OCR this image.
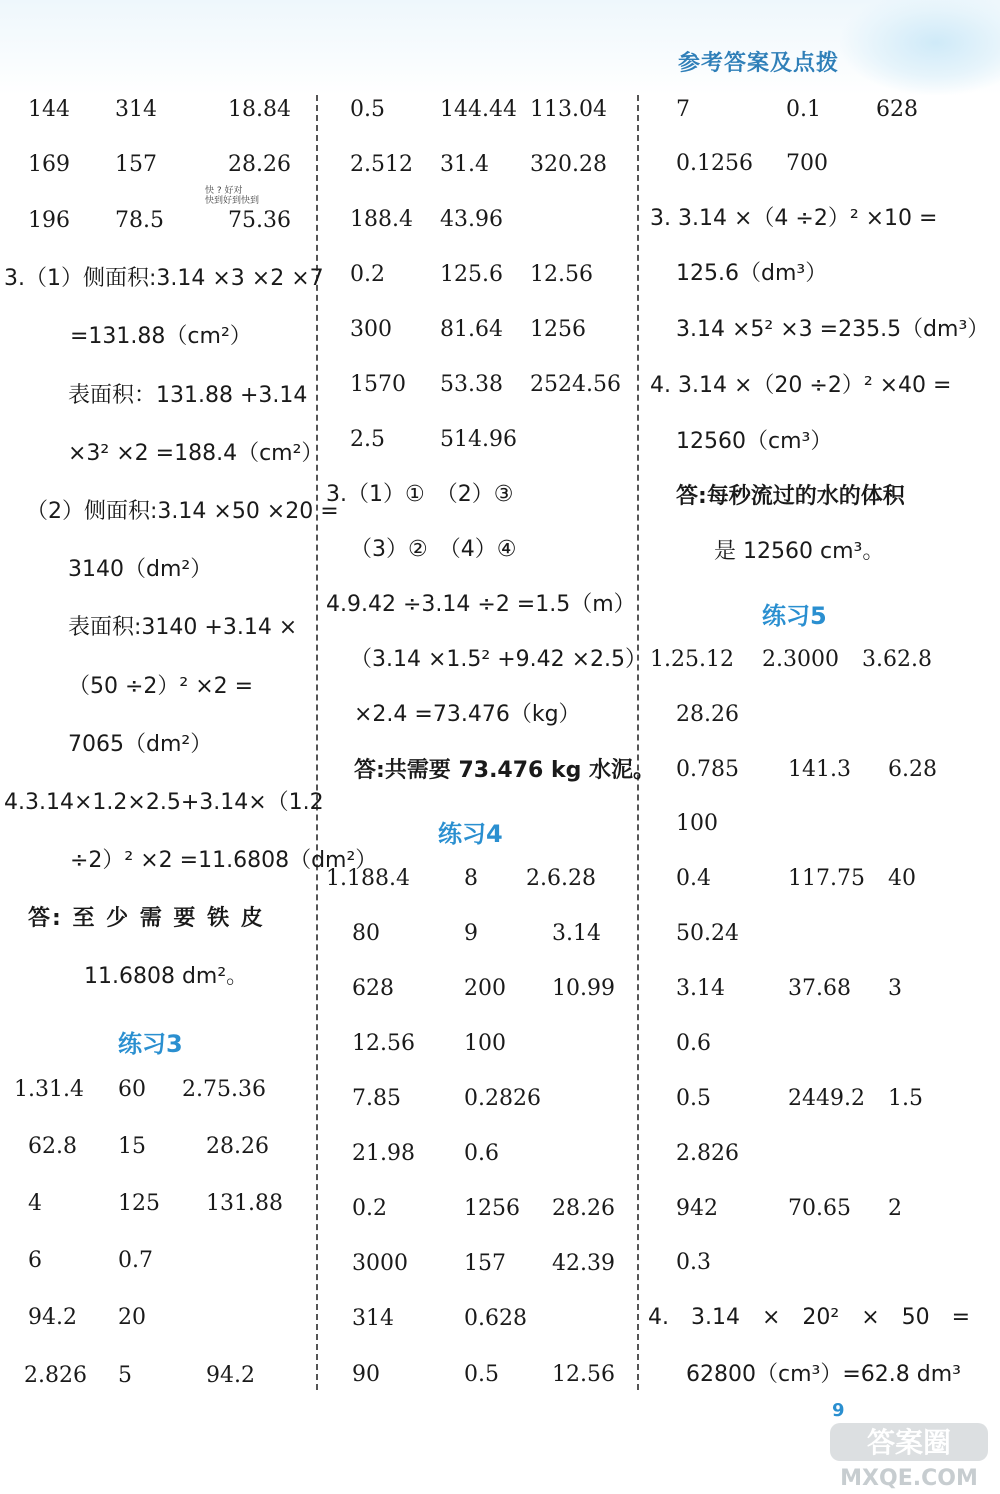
参考答案及点拨
144 314	18.84
169 157	28.26
196 78.5	75.36
快 ? 好对
快到好到快到
3.（1）侧面积:3.14 ×3 ×2 ×7
=131.88（cm²）
表面积：131.88 +3.14
×3² ×2 =188.4（cm²）
（2）侧面积:3.14 ×50 ×20 =
3140（dm²）
表面积:3140 +3.14 ×
（50 ÷2）² ×2 =
7065（dm²）
4.3.14×1.2×2.5+3.14×（1.2
÷2）² ×2 =11.6808（dm²）
答: 至 少 需 要 铁 皮
11.6808 dm²。
练习3
1.31.4 60 2.75.36
62.8 15	28.26
4	125 131.88
6	0.7
94.2 20
2.826 5	94.2
0.5	144.44 113.04
2.512 31.4 320.28
188.4 43.96
0.2	125.6 12.56
300 81.64 1256
1570 53.38 2524.56
2.5	514.96
3.（1）①　（2）③
（3）②　（4）④
4.9.42 ÷3.14 ÷2 =1.5（m）
（3.14 ×1.5² +9.42 ×2.5）
×2.4 =73.476（kg）
答:共需要 73.476 kg 水泥。
练习4
1.188.4 8 2.6.28
80	9	3.14
628	200 10.99
12.56 100
7.85	0.2826
21.98 0.6
0.2	1256 28.26
3000	157 42.39
314	0.628
90	0.5 12.56
7	0.1	628
0.1256 700
3. 3.14 ×（4 ÷2）² ×10 =
125.6（dm³）
3.14 ×5² ×3 =235.5（dm³）
4. 3.14 ×（20 ÷2）² ×40 =
12560（cm³）
答:每秒流过的水的体积
是 12560 cm³。
练习5
1.25.12 2.3000 3.62.8
28.26
0.785 141.3 6.28
100
0.4	117.75 40
50.24
3.14	37.68 3
0.6
0.5	2449.2 1.5
2.826
942	70.65 2
0.3
4.　3.14　×　20²　×　50　=
62800（cm³）=62.8 dm³
9
答案圈
MXQE.COM
